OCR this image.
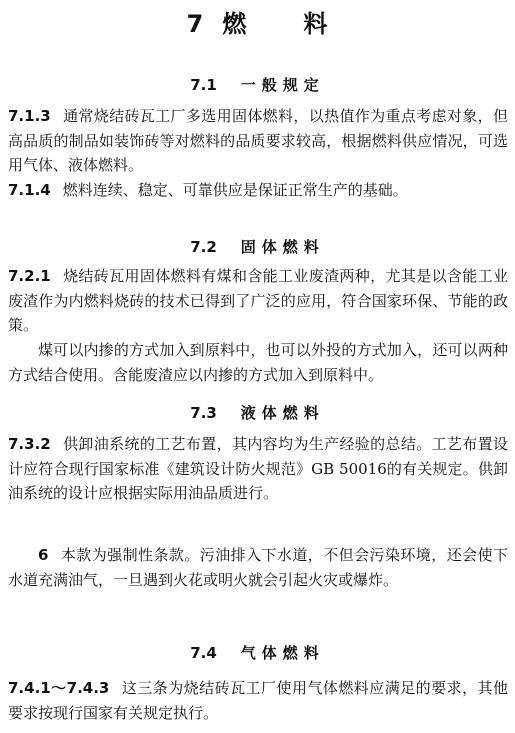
7 燃 料
7.1 一般规定

7.1.3 通常烧结砖瓦工厂多选用固体燃料，以热值作为重点考虑对象，但高品质的制品如装饰砖等对燃料的品质要求较高，根据燃料供应情况，可选用气体、液体燃料。

7.1.4 燃料连续、稳定、可靠供应是保证正常生产的基础。

7.2 固体燃料

7.2.1 烧结砖瓦用固体燃料有煤和含能工业废渣两种，尤其是以含能工业废渣作为内燃料烧砖的技术已得到了广泛的应用，符合国家环保、节能的政策。

煤可以内掺的方式加入到原料中，也可以外投的方式加入，还可以两种方式结合使用。含能废渣应以内掺的方式加入到原料中。

7.3 液体燃料

7.3.2 供卸油系统的工艺布置，其内容均为生产经验的总结。工艺布置设计应符合现行国家标准《建筑设计防火规范》GB 50016的有关规定。供卸油系统的设计应根据实际用油品质进行。

6 本款为强制性条款。污油排入下水道，不但会污染环境，还会使下水道充满油气，一旦遇到火花或明火就会引起火灾或爆炸。

7.4 气体燃料

7.4.1～7.4.3 这三条为烧结砖瓦工厂使用气体燃料应满足的要求，其他要求按现行国家有关规定执行。
